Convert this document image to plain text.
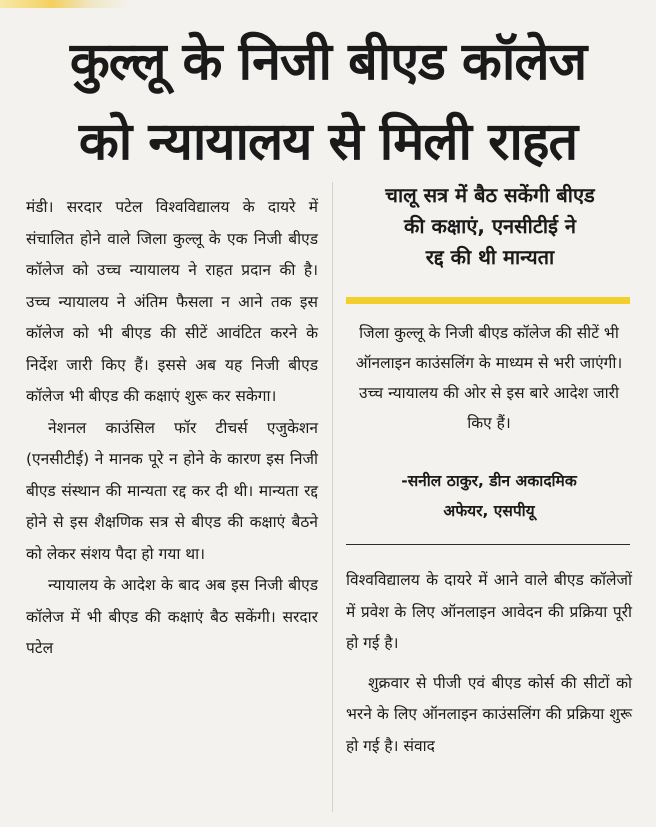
कुल्लू के निजी बीएड कॉलेज
को न्यायालय से मिली राहत

मंडी। सरदार पटेल विश्वविद्यालय के दायरे में संचालित होने वाले जिला कुल्लू के एक निजी बीएड कॉलेज को उच्च न्यायालय ने राहत प्रदान की है। उच्च न्यायालय ने अंतिम फैसला न आने तक इस कॉलेज को भी बीएड की सीटें आवंटित करने के निर्देश जारी किए हैं। इससे अब यह निजी बीएड कॉलेज भी बीएड की कक्षाएं शुरू कर सकेगा।

नेशनल काउंसिल फॉर टीचर्स एजुकेशन (एनसीटीई) ने मानक पूरे न होने के कारण इस निजी बीएड संस्थान की मान्यता रद्द कर दी थी। मान्यता रद्द होने से इस शैक्षणिक सत्र से बीएड की कक्षाएं बैठने को लेकर संशय पैदा हो गया था।

न्यायालय के आदेश के बाद अब इस निजी बीएड कॉलेज में भी बीएड की कक्षाएं बैठ सकेंगी। सरदार पटेल

चालू सत्र में बैठ सकेंगी बीएड
की कक्षाएं, एनसीटीई ने
रद्द की थी मान्यता
जिला कुल्लू के निजी बीएड कॉलेज की सीटें भी ऑनलाइन काउंसलिंग के माध्यम से भरी जाएंगी। उच्च न्यायालय की ओर से इस बारे आदेश जारी किए हैं।
-सनील ठाकुर, डीन अकादमिक
अफेयर, एसपीयू

विश्वविद्यालय के दायरे में आने वाले बीएड कॉलेजों में प्रवेश के लिए ऑनलाइन आवेदन की प्रक्रिया पूरी हो गई है।

शुक्रवार से पीजी एवं बीएड कोर्स की सीटों को भरने के लिए ऑनलाइन काउंसलिंग की प्रक्रिया शुरू हो गई है। संवाद
